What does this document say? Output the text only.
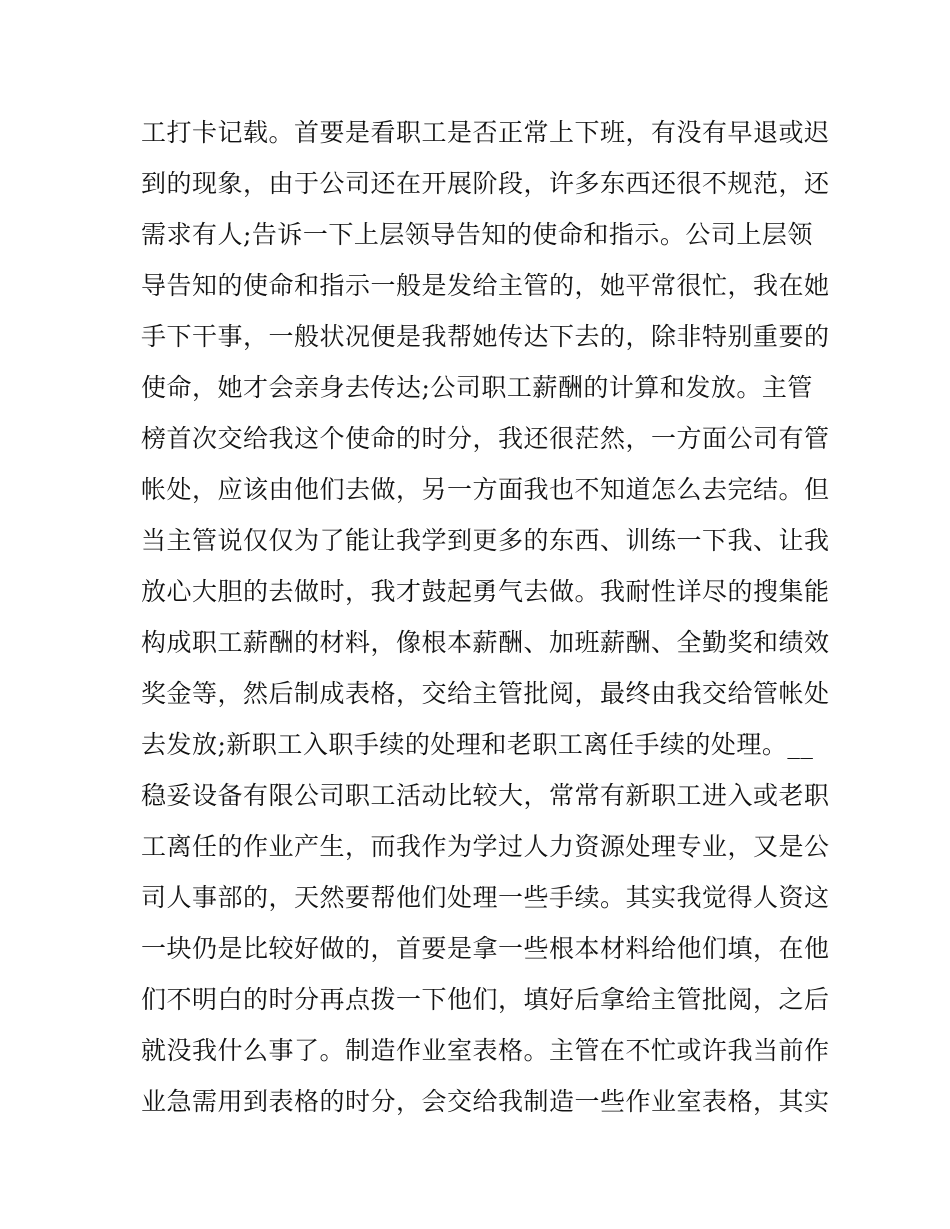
工打卡记载。首要是看职工是否正常上下班，有没有早退或迟
到的现象，由于公司还在开展阶段，许多东西还很不规范，还
需求有人;告诉一下上层领导告知的使命和指示。公司上层领
导告知的使命和指示一般是发给主管的，她平常很忙，我在她
手下干事，一般状况便是我帮她传达下去的，除非特别重要的
使命，她才会亲身去传达;公司职工薪酬的计算和发放。主管
榜首次交给我这个使命的时分，我还很茫然，一方面公司有管
帐处，应该由他们去做，另一方面我也不知道怎么去完结。但
当主管说仅仅为了能让我学到更多的东西、训练一下我、让我
放心大胆的去做时，我才鼓起勇气去做。我耐性详尽的搜集能
构成职工薪酬的材料，像根本薪酬、加班薪酬、全勤奖和绩效
奖金等，然后制成表格，交给主管批阅，最终由我交给管帐处
去发放;新职工入职手续的处理和老职工离任手续的处理。__
稳妥设备有限公司职工活动比较大，常常有新职工进入或老职
工离任的作业产生，而我作为学过人力资源处理专业，又是公
司人事部的，天然要帮他们处理一些手续。其实我觉得人资这
一块仍是比较好做的，首要是拿一些根本材料给他们填，在他
们不明白的时分再点拨一下他们，填好后拿给主管批阅，之后
就没我什么事了。制造作业室表格。主管在不忙或许我当前作
业急需用到表格的时分，会交给我制造一些作业室表格，其实
